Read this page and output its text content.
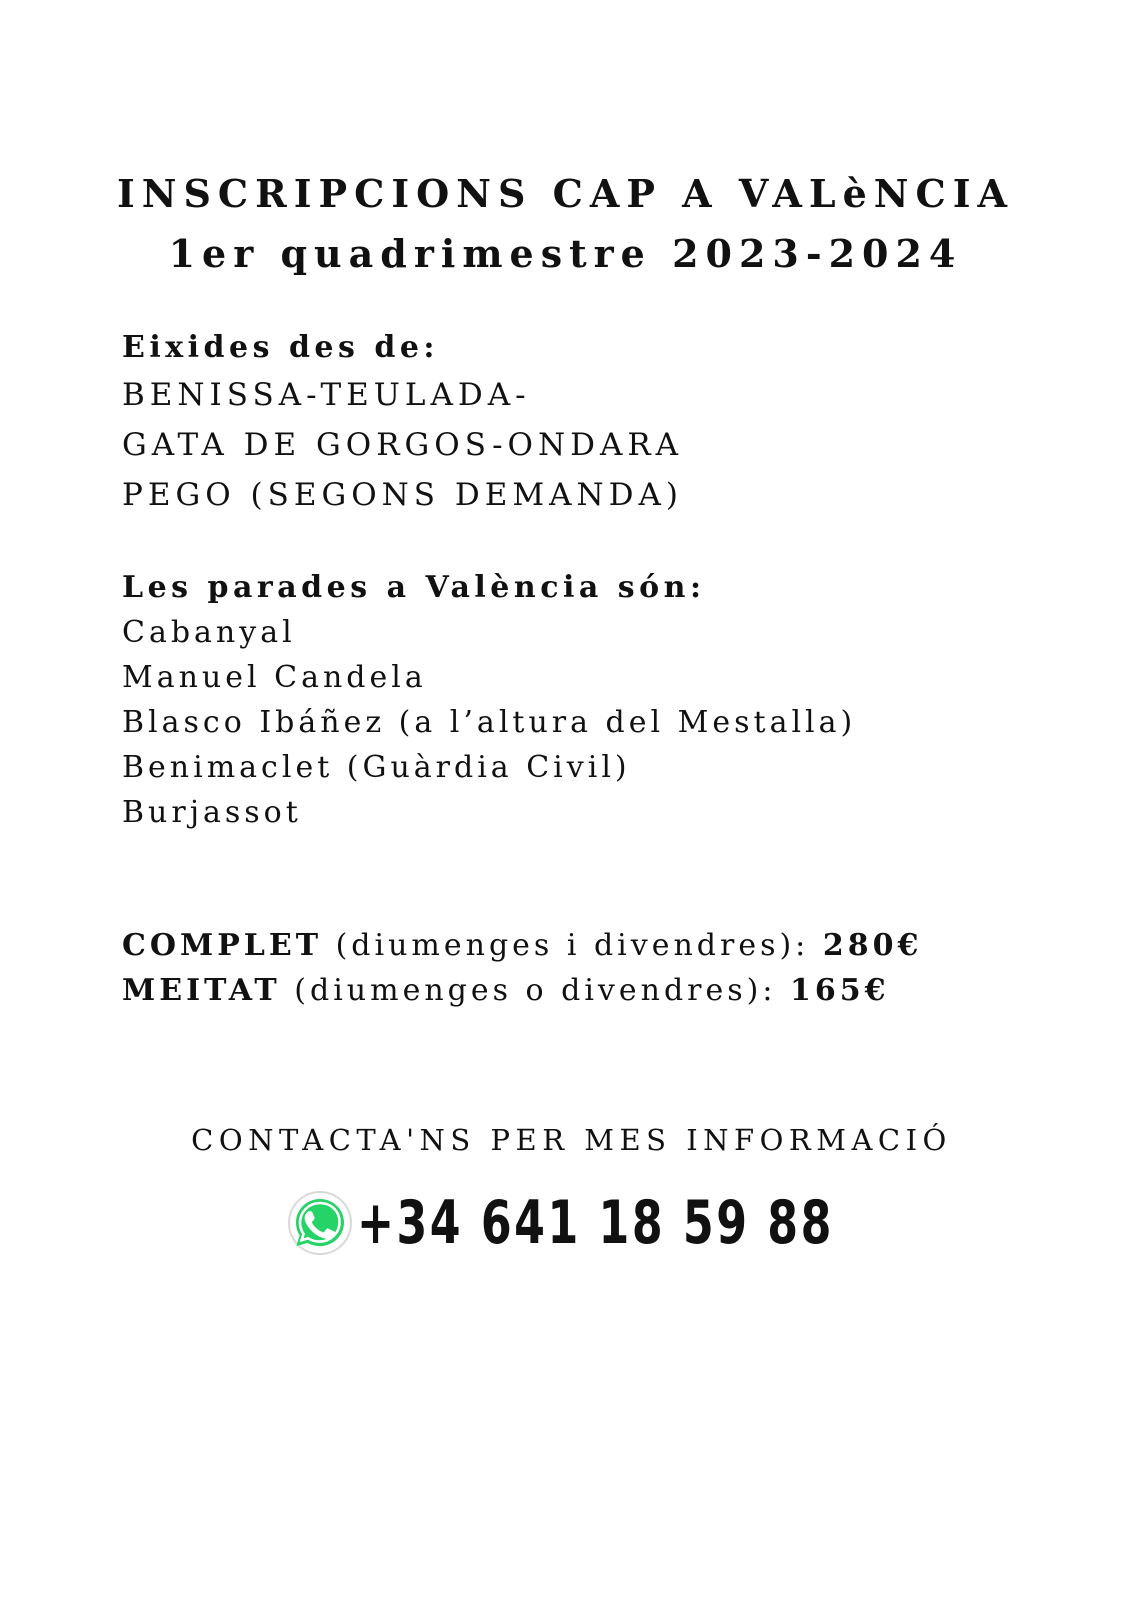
INSCRIPCIONS CAP A VALèNCIA
1er quadrimestre 2023-2024
Eixides des de:
BENISSA-TEULADA-
GATA DE GORGOS-ONDARA
PEGO (SEGONS DEMANDA)
Les parades a València són:
Cabanyal
Manuel Candela
Blasco Ibáñez (a l’altura del Mestalla)
Benimaclet (Guàrdia Civil)
Burjassot
COMPLET (diumenges i divendres): 280€
MEITAT (diumenges o divendres): 165€
CONTACTA'NS PER MES INFORMACIÓ
+34 641 18 59 88
